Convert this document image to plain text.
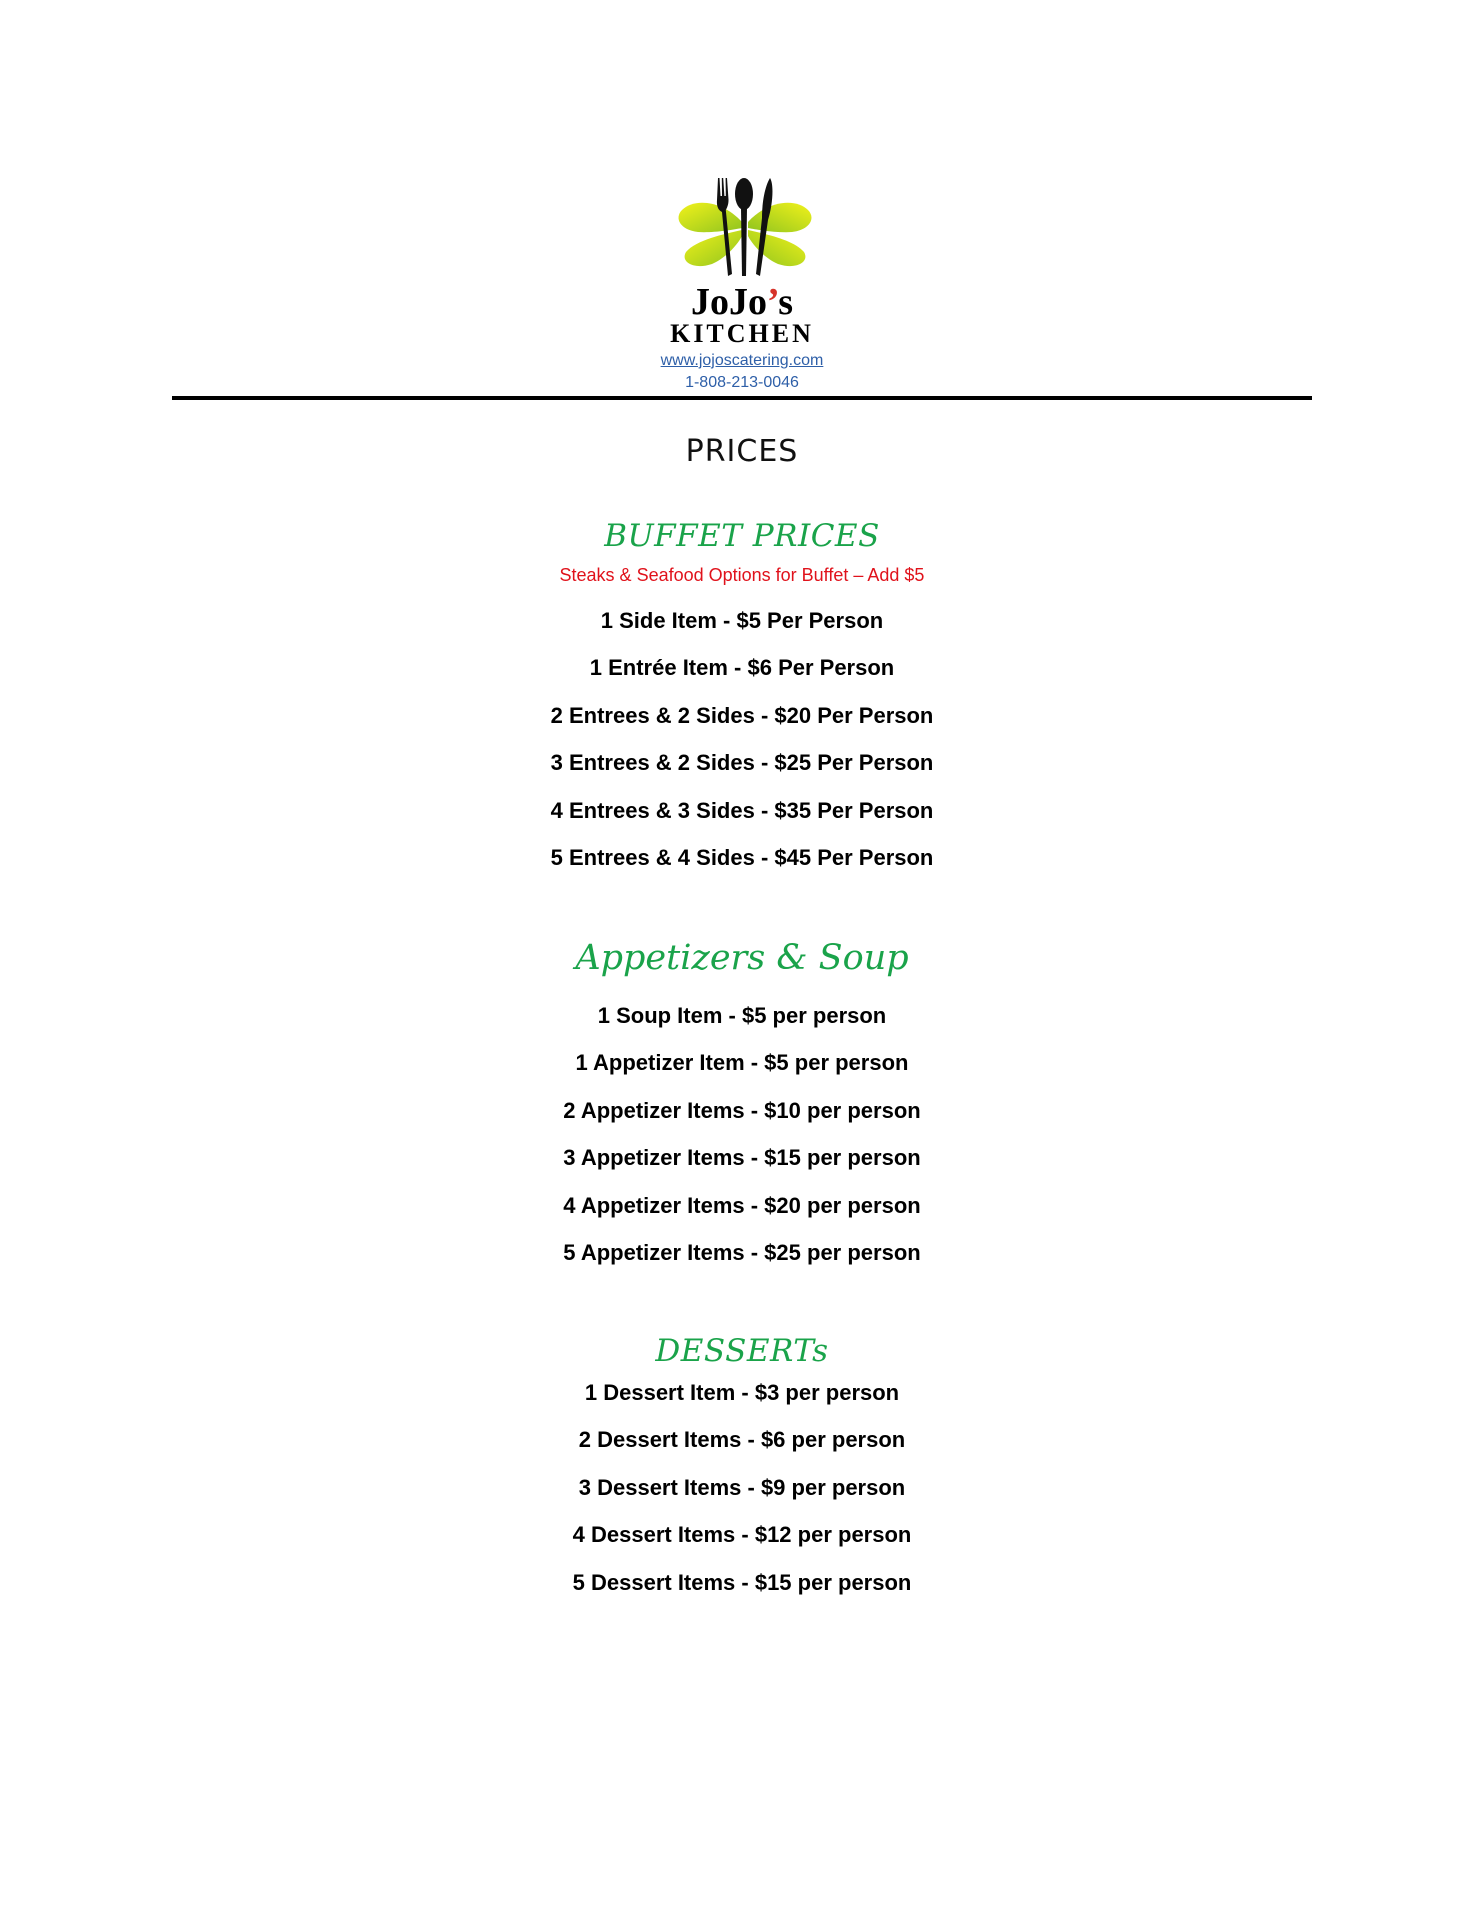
JoJo’s
KITCHEN
www.jojoscatering.com
1-808-213-0046
PRICES
BUFFET PRICES
Steaks & Seafood Options for Buffet – Add $5
1 Side Item - $5 Per Person
1 Entrée Item - $6 Per Person
2 Entrees & 2 Sides - $20 Per Person
3 Entrees & 2 Sides - $25 Per Person
4 Entrees & 3 Sides - $35 Per Person
5 Entrees & 4 Sides - $45 Per Person
Appetizers & Soup
1 Soup Item - $5 per person
1 Appetizer Item - $5 per person
2 Appetizer Items - $10 per person
3 Appetizer Items - $15 per person
4 Appetizer Items - $20 per person
5 Appetizer Items - $25 per person
DESSERTs
1 Dessert Item - $3 per person
2 Dessert Items - $6 per person
3 Dessert Items - $9 per person
4 Dessert Items - $12 per person
5 Dessert Items - $15 per person
